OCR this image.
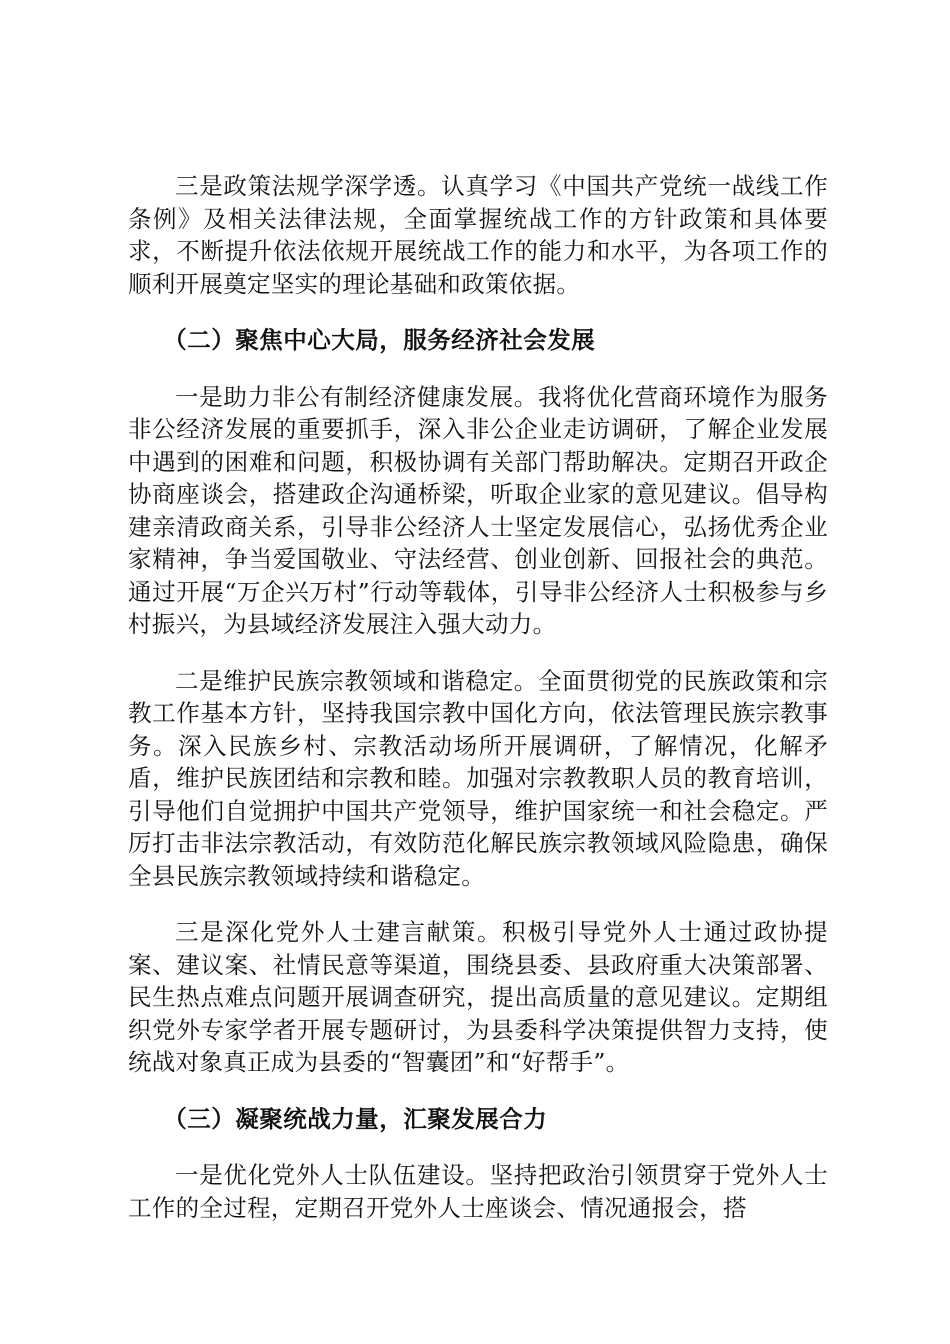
三是政策法规学深学透。认真学习《中国共产党统一战线工作条例》及相关法律法规，全面掌握统战工作的方针政策和具体要求，不断提升依法依规开展统战工作的能力和水平，为各项工作的顺利开展奠定坚实的理论基础和政策依据。

（二）聚焦中心大局，服务经济社会发展

一是助力非公有制经济健康发展。我将优化营商环境作为服务非公经济发展的重要抓手，深入非公企业走访调研，了解企业发展中遇到的困难和问题，积极协调有关部门帮助解决。定期召开政企协商座谈会，搭建政企沟通桥梁，听取企业家的意见建议。倡导构建亲清政商关系，引导非公经济人士坚定发展信心，弘扬优秀企业家精神，争当爱国敬业、守法经营、创业创新、回报社会的典范。通过开展“万企兴万村”行动等载体，引导非公经济人士积极参与乡村振兴，为县域经济发展注入强大动力。

二是维护民族宗教领域和谐稳定。全面贯彻党的民族政策和宗教工作基本方针，坚持我国宗教中国化方向，依法管理民族宗教事务。深入民族乡村、宗教活动场所开展调研，了解情况，化解矛盾，维护民族团结和宗教和睦。加强对宗教教职人员的教育培训，引导他们自觉拥护中国共产党领导，维护国家统一和社会稳定。严厉打击非法宗教活动，有效防范化解民族宗教领域风险隐患，确保全县民族宗教领域持续和谐稳定。

三是深化党外人士建言献策。积极引导党外人士通过政协提案、建议案、社情民意等渠道，围绕县委、县政府重大决策部署、民生热点难点问题开展调查研究，提出高质量的意见建议。定期组织党外专家学者开展专题研讨，为县委科学决策提供智力支持，使统战对象真正成为县委的“智囊团”和“好帮手”。

（三）凝聚统战力量，汇聚发展合力

一是优化党外人士队伍建设。坚持把政治引领贯穿于党外人士工作的全过程，定期召开党外人士座谈会、情况通报会，搭
